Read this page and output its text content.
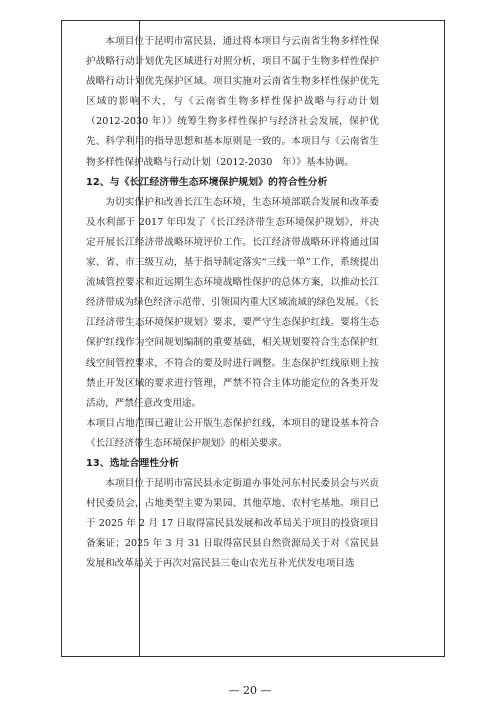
本项目位于昆明市富民县，通过将本项目与云南省生物多样性保护战略行动计划优先区域进行对照分析，项目不属于生物多样性保护战略行动计划优先保护区域。项目实施对云南省生物多样性保护优先区域的影响不大，与《云南省生物多样性保护战略与行动计划（2012-2030 年）》统筹生物多样性保护与经济社会发展，保护优先、科学利用的指导思想和基本原则是一致的。本项目与《云南省生物多样性保护战略与行动计划（2012-2030　年）》基本协调。

12、与《长江经济带生态环境保护规划》的符合性分析

为切实保护和改善长江生态环境，生态环境部联合发展和改革委及水利部于 2017 年印发了《长江经济带生态环境保护规划》，并决定开展长江经济带战略环境评价工作。长江经济带战略环评将通过国家、省、市三级互动，基于指导制定落实“三线一单”工作，系统提出流域管控要求和近远期生态环境战略性保护的总体方案，以推动长江经济带成为绿色经济示范带、引领国内重大区域流域的绿色发展。《长江经济带生态环境保护规划》要求，要严守生态保护红线。要将生态保护红线作为空间规划编制的重要基础，相关规划要符合生态保护红线空间管控要求，不符合的要及时进行调整。生态保护红线原则上按禁止开发区域的要求进行管理，严禁不符合主体功能定位的各类开发活动，严禁任意改变用途。

本项目占地范围已避让公开版生态保护红线，本项目的建设基本符合《长江经济带生态环境保护规划》的相关要求。

13、选址合理性分析

本项目位于昆明市富民县永定街道办事处河东村民委员会与兴贡村民委员会，占地类型主要为果园、其他草地、农村宅基地。项目已于 2025 年 2 月 17 日取得富民县发展和改革局关于项目的投资项目备案证；2025 年 3 月 31 日取得富民县自然资源局关于对《富民县发展和改革局关于再次对富民县三奄山农光互补光伏发电项目选

— 20 —
